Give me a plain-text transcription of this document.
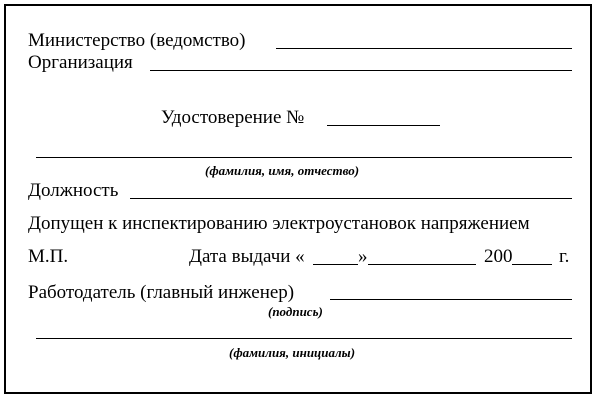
Министерство (ведомство)
Организация
Удостоверение №
(фамилия, имя, отчество)
Должность
Допущен к инспектированию электроустановок напряжением
М.П.	Дата выдачи «	»	200 г.
Работодатель (главный инженер)
(подпись)
(фамилия, инициалы)
